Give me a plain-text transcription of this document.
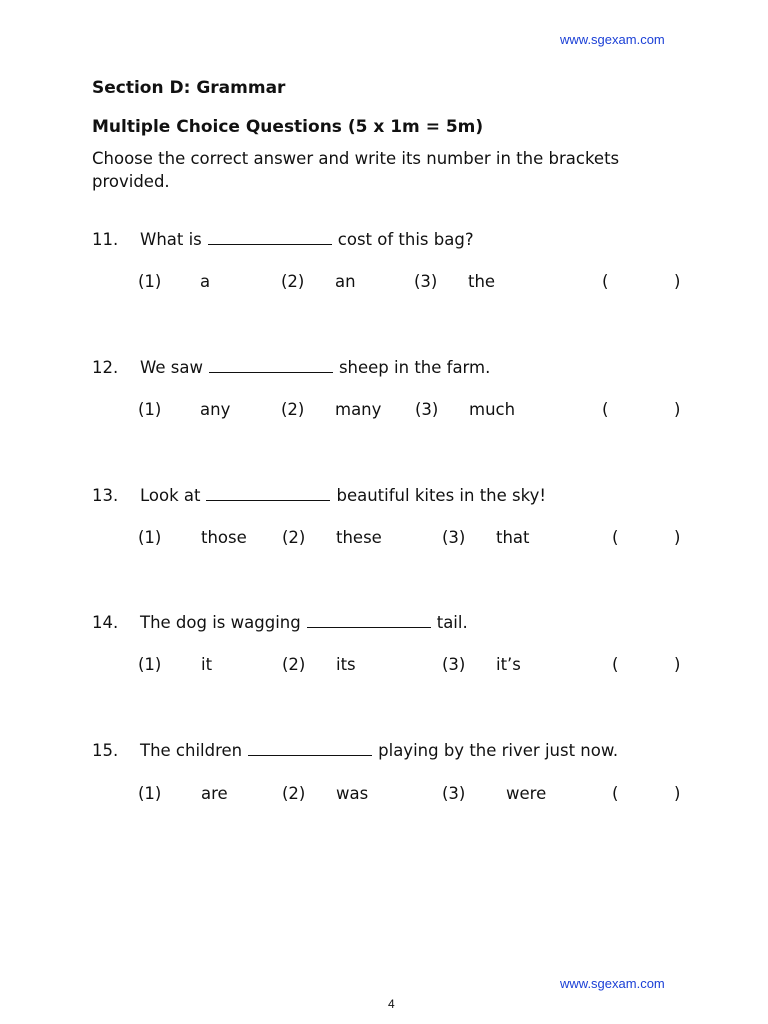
www.sgexam.com
Section D: Grammar
Multiple Choice Questions (5 x 1m = 5m)
Choose the correct answer and write its number in the brackets provided.
11. What is	cost of this bag?
(1) a	(2) an	(3) the	(	)
12. We saw	sheep in the farm.
(1) any	(2) many (3) much	(	)
13. Look at	beautiful kites in the sky!
(1) those (2) these	(3) that	(	)
14. The dog is wagging	tail.
(1) it	(2) its	(3) it’s	(	)
15. The children	playing by the river just now.
(1) are	(2) was	(3) were	(	)
www.sgexam.com
4
